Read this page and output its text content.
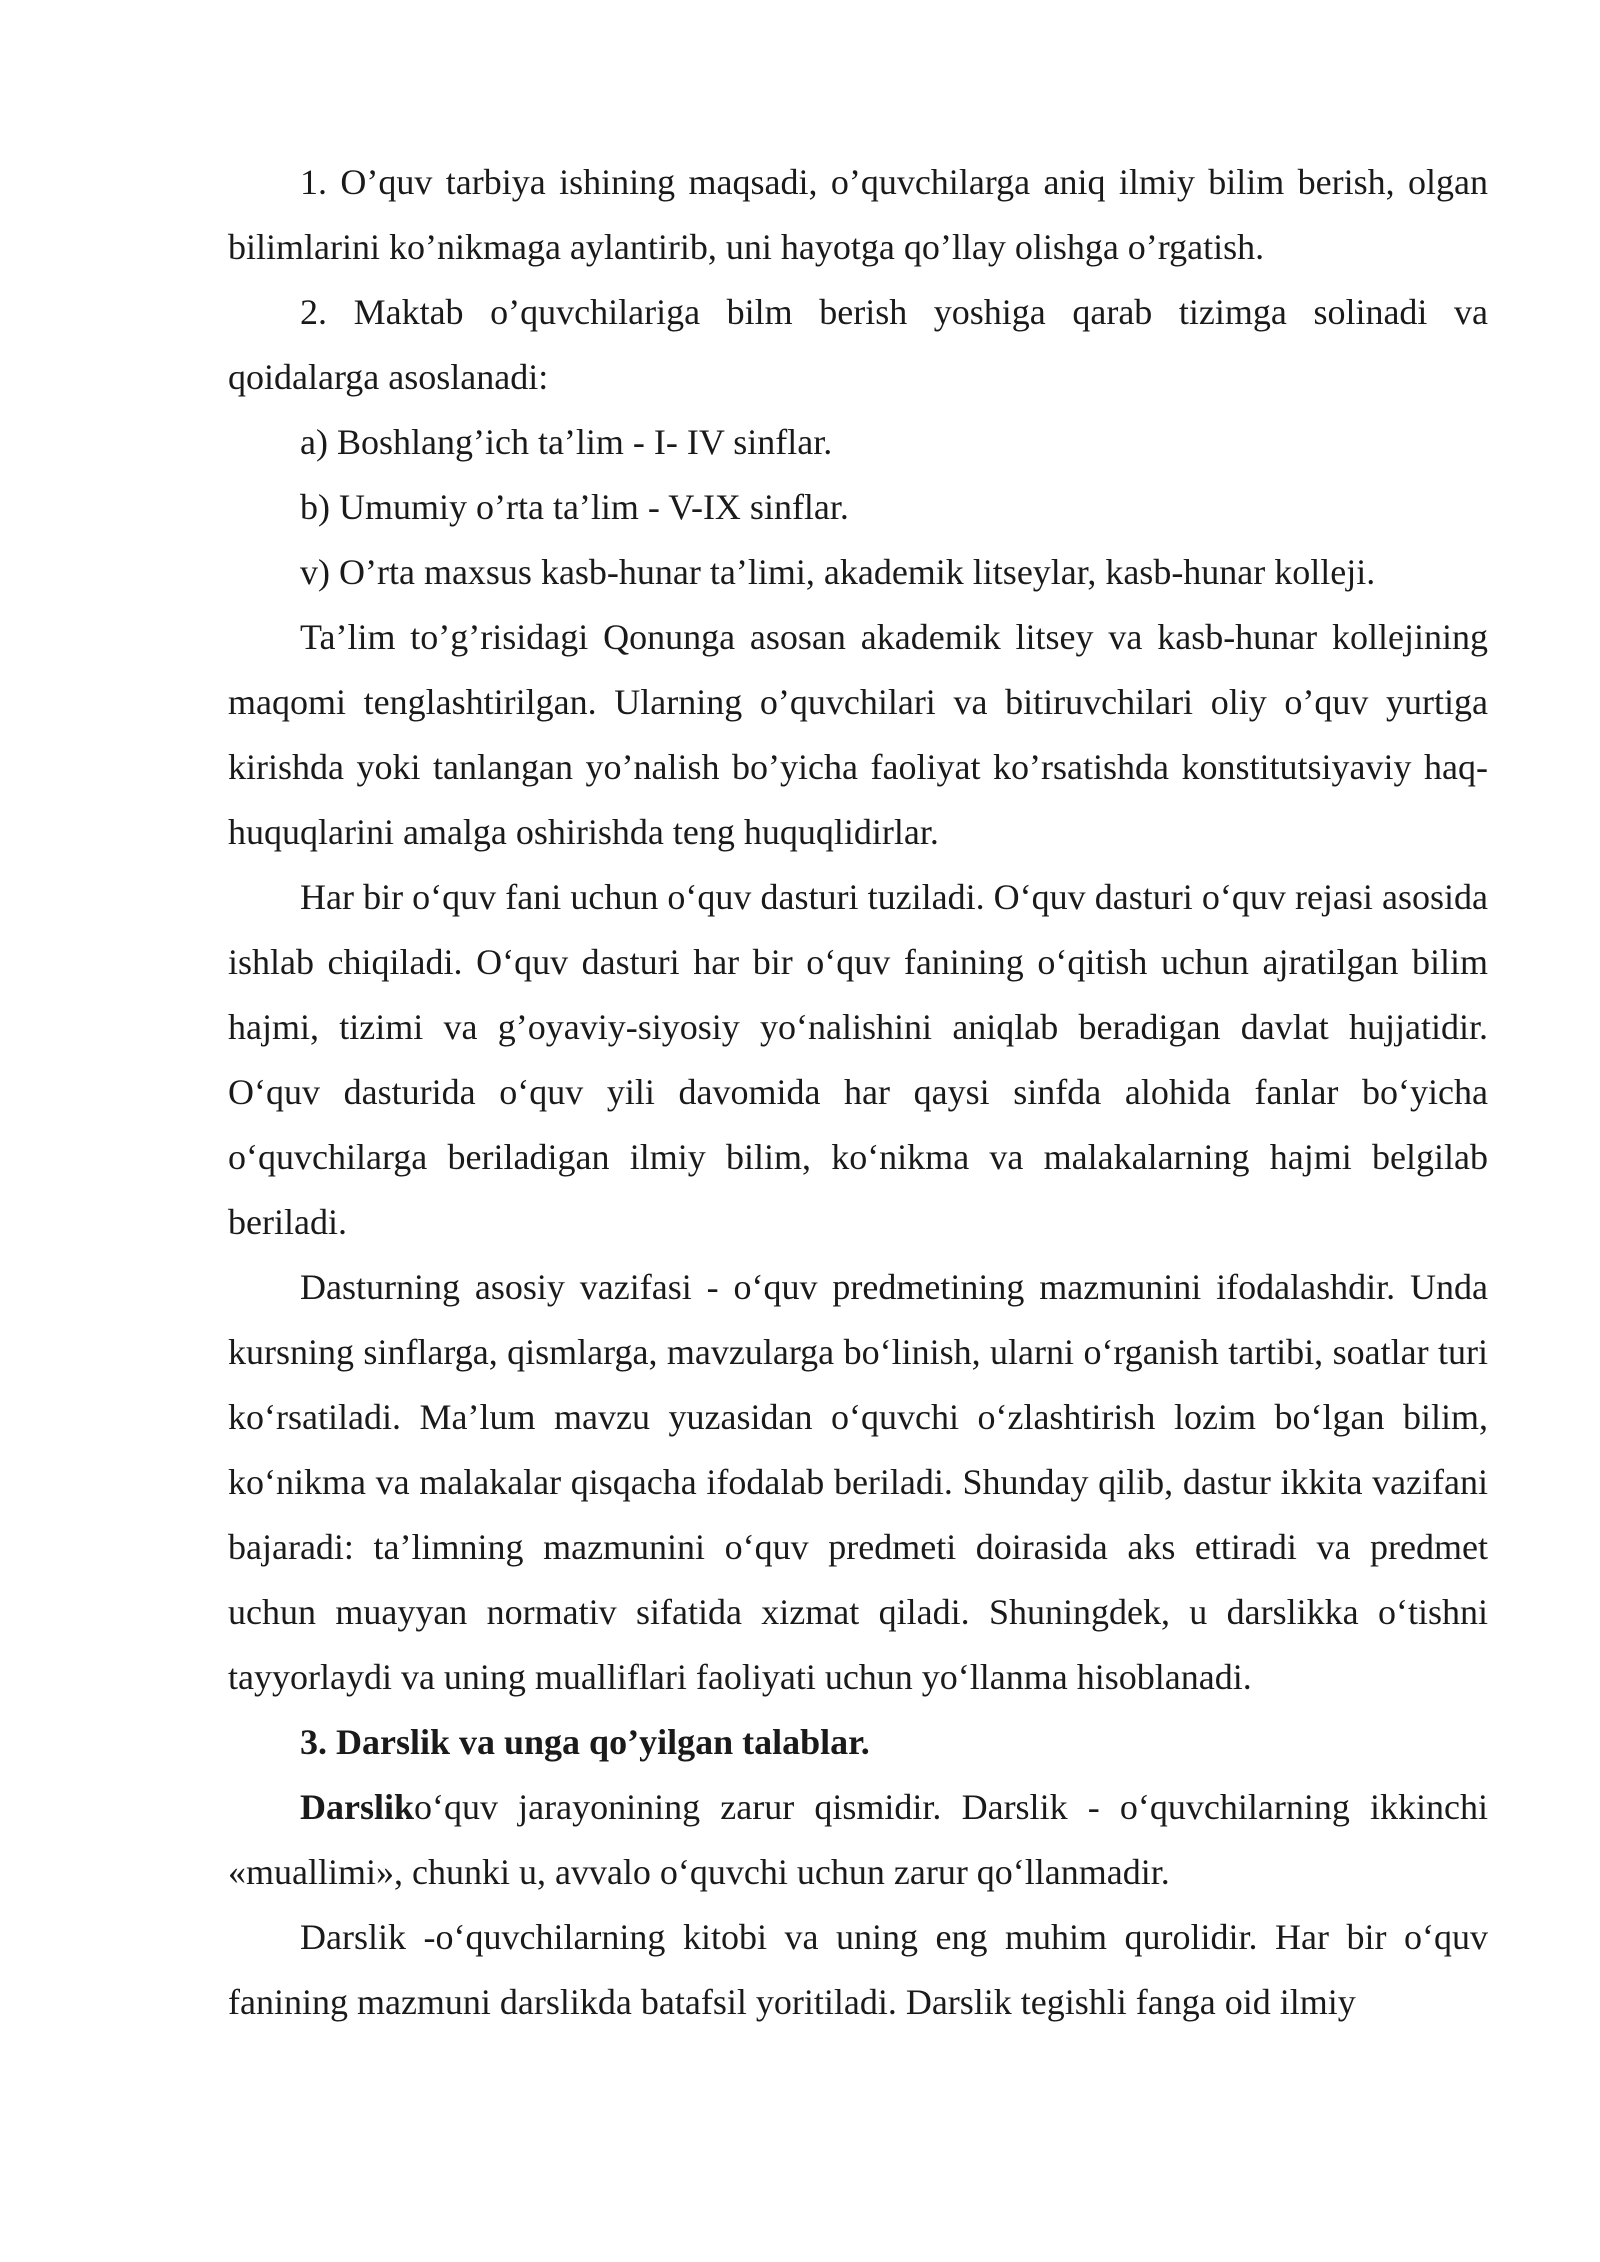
1. O’quv tarbiya ishining maqsadi, o’quvchilarga aniq ilmiy bilim berish, olgan bilimlarini ko’nikmaga aylantirib, uni hayotga qo’llay olishga o’rgatish.

2. Maktab o’quvchilariga bilm berish yoshiga qarab tizimga solinadi va qoidalarga asoslanadi:

a) Boshlang’ich ta’lim - I- IV sinflar.

b) Umumiy o’rta ta’lim - V-IX sinflar.

v) O’rta maxsus kasb-hunar ta’limi, akademik litseylar, kasb-hunar kolleji.

Ta’lim to’g’risidagi Qonunga asosan akademik litsey va kasb-hunar kollejining maqomi tenglashtirilgan. Ularning o’quvchilari va bitiruvchilari oliy o’quv yurtiga kirishda yoki tanlangan yo’nalish bo’yicha faoliyat ko’rsatishda konstitutsiyaviy haq-huquqlarini amalga oshirishda teng huquqlidirlar.

Har bir o‘quv fani uchun o‘quv dasturi tuziladi. O‘quv dasturi o‘quv rejasi asosida ishlab chiqiladi. O‘quv dasturi har bir o‘quv fanining o‘qitish uchun ajratilgan bilim hajmi, tizimi va g’oyaviy-siyosiy yo‘nalishini aniqlab beradigan davlat hujjatidir. O‘quv dasturida o‘quv yili davomida har qaysi sinfda alohida fanlar bo‘yicha o‘quvchilarga beriladigan ilmiy bilim, ko‘nikma va malakalarning hajmi belgilab beriladi.

Dasturning asosiy vazifasi - o‘quv predmetining mazmunini ifodalashdir. Unda kursning sinflarga, qismlarga, mavzularga bo‘linish, ularni o‘rganish tartibi, soatlar turi ko‘rsatiladi. Ma’lum mavzu yuzasidan o‘quvchi o‘zlashtirish lozim bo‘lgan bilim, ko‘nikma va malakalar qisqacha ifodalab beriladi. Shunday qilib, dastur ikkita vazifani bajaradi: ta’limning mazmunini o‘quv predmeti doirasida aks ettiradi va predmet uchun muayyan normativ sifatida xizmat qiladi. Shuningdek, u darslikka o‘tishni tayyorlaydi va uning mualliflari faoliyati uchun yo‘llanma hisoblanadi.

3. Darslik va unga qo’yilgan talablar.

Darsliko‘quv jarayonining zarur qismidir. Darslik - o‘quvchilarning ikkinchi «muallimi», chunki u, avvalo o‘quvchi uchun zarur qo‘llanmadir.

Darslik -o‘quvchilarning kitobi va uning eng muhim qurolidir. Har bir o‘quv fanining mazmuni darslikda batafsil yoritiladi. Darslik tegishli fanga oid ilmiy
